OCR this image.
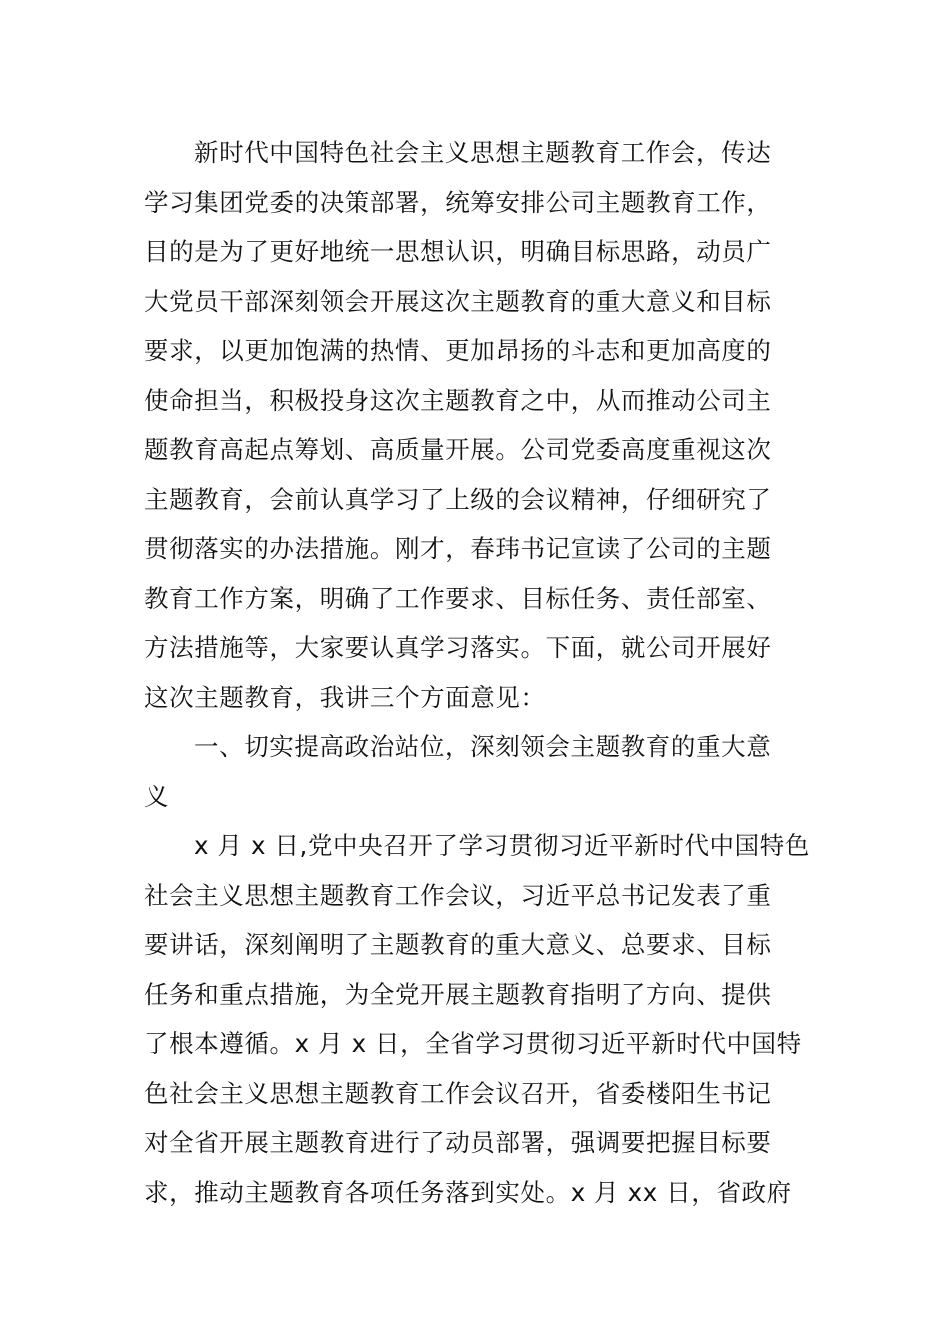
新时代中国特色社会主义思想主题教育工作会，传达
学习集团党委的决策部署，统筹安排公司主题教育工作，
目的是为了更好地统一思想认识，明确目标思路，动员广
大党员干部深刻领会开展这次主题教育的重大意义和目标
要求，以更加饱满的热情、更加昂扬的斗志和更加高度的
使命担当，积极投身这次主题教育之中，从而推动公司主
题教育高起点筹划、高质量开展。公司党委高度重视这次
主题教育，会前认真学习了上级的会议精神，仔细研究了
贯彻落实的办法措施。刚才，春玮书记宣读了公司的主题
教育工作方案，明确了工作要求、目标任务、责任部室、
方法措施等，大家要认真学习落实。下面，就公司开展好
这次主题教育，我讲三个方面意见：
一、切实提高政治站位，深刻领会主题教育的重大意
义
x 月 x 日,党中央召开了学习贯彻习近平新时代中国特色
社会主义思想主题教育工作会议，习近平总书记发表了重
要讲话，深刻阐明了主题教育的重大意义、总要求、目标
任务和重点措施，为全党开展主题教育指明了方向、提供
了根本遵循。x 月 x 日，全省学习贯彻习近平新时代中国特
色社会主义思想主题教育工作会议召开，省委楼阳生书记
对全省开展主题教育进行了动员部署，强调要把握目标要
求，推动主题教育各项任务落到实处。x 月 xx 日，省政府
